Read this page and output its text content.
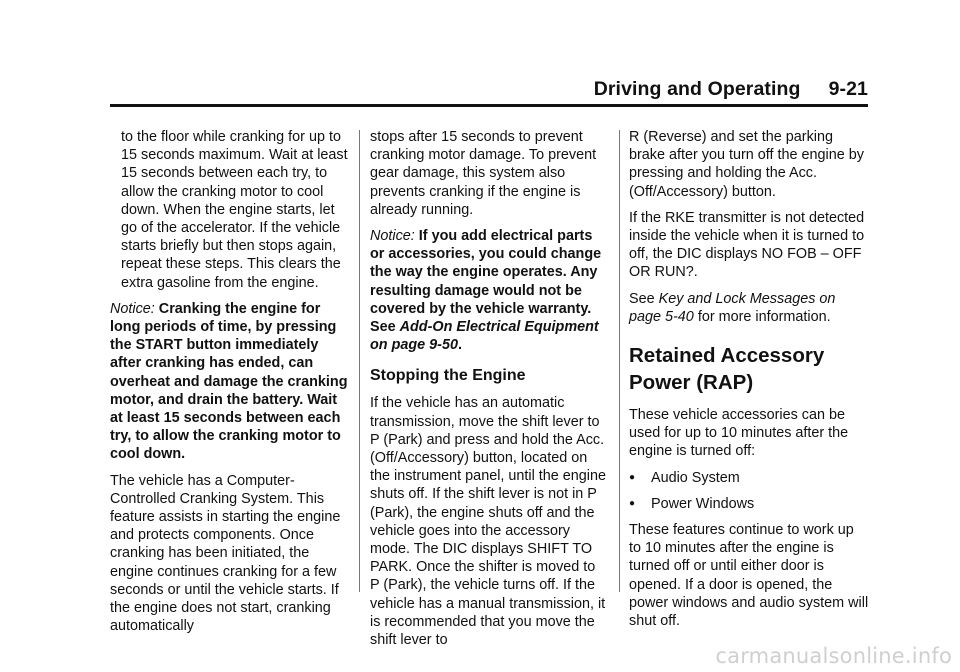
Driving and Operating 9-21

to the floor while cranking for up to 15 seconds maximum. Wait at least 15 seconds between each try, to allow the cranking motor to cool down. When the engine starts, let go of the accelerator. If the vehicle starts briefly but then stops again, repeat these steps. This clears the extra gasoline from the engine.

Notice: Cranking the engine for long periods of time, by pressing the START button immediately after cranking has ended, can overheat and damage the cranking motor, and drain the battery. Wait at least 15 seconds between each try, to allow the cranking motor to cool down.

The vehicle has a Computer-Controlled Cranking System. This feature assists in starting the engine and protects components. Once cranking has been initiated, the engine continues cranking for a few seconds or until the vehicle starts. If the engine does not start, cranking automatically

stops after 15 seconds to prevent cranking motor damage. To prevent gear damage, this system also prevents cranking if the engine is already running.

Notice: If you add electrical parts or accessories, you could change the way the engine operates. Any resulting damage would not be covered by the vehicle warranty. See Add-On Electrical Equipment on page 9-50.

Stopping the Engine

If the vehicle has an automatic transmission, move the shift lever to P (Park) and press and hold the Acc. (Off/Accessory) button, located on the instrument panel, until the engine shuts off. If the shift lever is not in P (Park), the engine shuts off and the vehicle goes into the accessory mode. The DIC displays SHIFT TO PARK. Once the shifter is moved to P (Park), the vehicle turns off. If the vehicle has a manual transmission, it is recommended that you move the shift lever to

R (Reverse) and set the parking brake after you turn off the engine by pressing and holding the Acc. (Off/Accessory) button.

If the RKE transmitter is not detected inside the vehicle when it is turned to off, the DIC displays NO FOB – OFF OR RUN?.

See Key and Lock Messages on page 5-40 for more information.

Retained Accessory Power (RAP)

These vehicle accessories can be used for up to 10 minutes after the engine is turned off:

●	Audio System
●	Power Windows

These features continue to work up to 10 minutes after the engine is turned off or until either door is opened. If a door is opened, the power windows and audio system will shut off.

carmanualsonline.info
